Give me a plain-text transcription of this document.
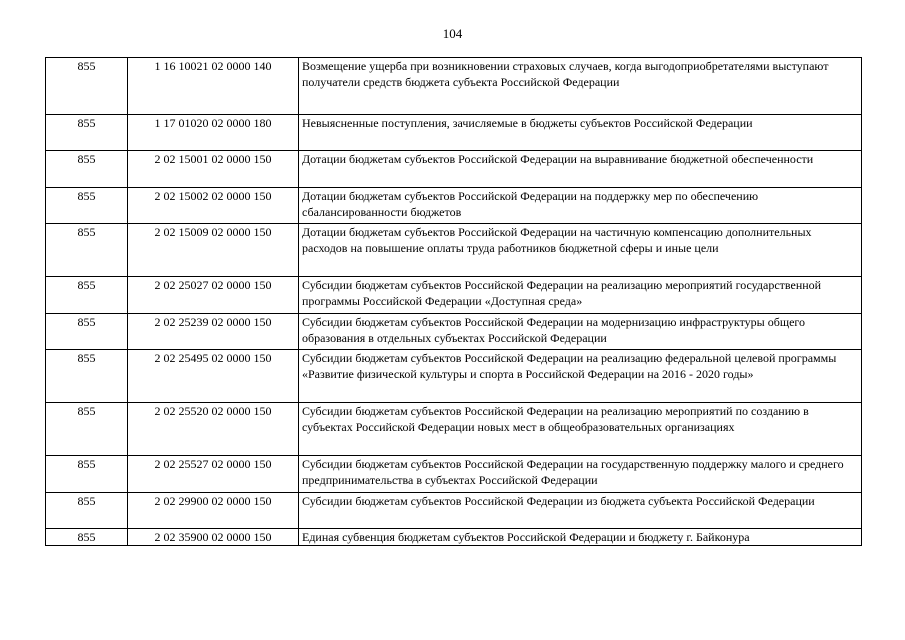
104
855	1 16 10021 02 0000 140	Возмещение ущерба при возникновении страховых случаев, когда выгодоприобретателями выступают получатели средств бюджета субъекта Российской Федерации
855	1 17 01020 02 0000 180	Невыясненные поступления, зачисляемые в бюджеты субъектов Российской Федерации
855	2 02 15001 02 0000 150	Дотации бюджетам субъектов Российской Федерации на выравнивание бюджетной обеспеченности
855	2 02 15002 02 0000 150	Дотации бюджетам субъектов Российской Федерации на поддержку мер по обеспечению сбалансированности бюджетов
855	2 02 15009 02 0000 150	Дотации бюджетам субъектов Российской Федерации на частичную компенсацию дополнительных расходов на повышение оплаты труда работников бюджетной сферы и иные цели
855	2 02 25027 02 0000 150	Субсидии бюджетам субъектов Российской Федерации на реализацию мероприятий государственной программы Российской Федерации «Доступная среда»
855	2 02 25239 02 0000 150	Субсидии бюджетам субъектов Российской Федерации на модернизацию инфраструктуры общего образования в отдельных субъектах Российской Федерации
855	2 02 25495 02 0000 150	Субсидии бюджетам субъектов Российской Федерации на реализацию федеральной целевой программы «Развитие физической культуры и спорта в Российской Федерации на 2016 - 2020 годы»
855	2 02 25520 02 0000 150	Субсидии бюджетам субъектов Российской Федерации на реализацию мероприятий по созданию в субъектах Российской Федерации новых мест в общеобразовательных организациях
855	2 02 25527 02 0000 150	Субсидии бюджетам субъектов Российской Федерации на государственную поддержку малого и среднего предпринимательства в субъектах Российской Федерации
855	2 02 29900 02 0000 150	Субсидии бюджетам субъектов Российской Федерации из бюджета субъекта Российской Федерации
855	2 02 35900 02 0000 150	Единая субвенция бюджетам субъектов Российской Федерации и бюджету г. Байконура
